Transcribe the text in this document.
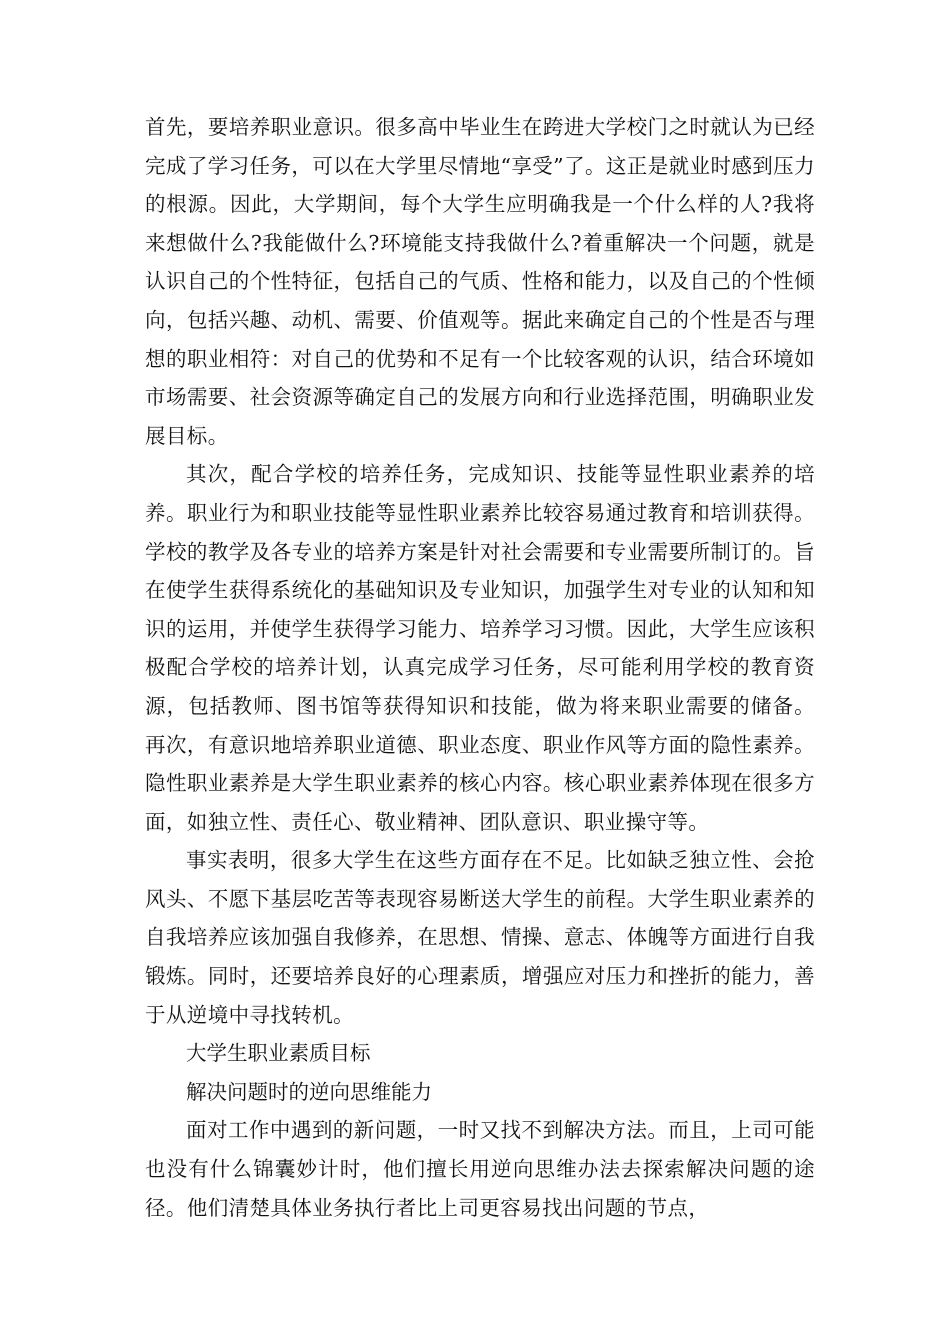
首先，要培养职业意识。很多高中毕业生在跨进大学校门之时就认为已经完成了学习任务，可以在大学里尽情地“享受”了。这正是就业时感到压力的根源。因此，大学期间，每个大学生应明确我是一个什么样的人?我将来想做什么?我能做什么?环境能支持我做什么?着重解决一个问题，就是认识自己的个性特征，包括自己的气质、性格和能力，以及自己的个性倾向，包括兴趣、动机、需要、价值观等。据此来确定自己的个性是否与理想的职业相符：对自己的优势和不足有一个比较客观的认识，结合环境如市场需要、社会资源等确定自己的发展方向和行业选择范围，明确职业发展目标。

其次，配合学校的培养任务，完成知识、技能等显性职业素养的培养。职业行为和职业技能等显性职业素养比较容易通过教育和培训获得。学校的教学及各专业的培养方案是针对社会需要和专业需要所制订的。旨在使学生获得系统化的基础知识及专业知识，加强学生对专业的认知和知识的运用，并使学生获得学习能力、培养学习习惯。因此，大学生应该积极配合学校的培养计划，认真完成学习任务，尽可能利用学校的教育资源，包括教师、图书馆等获得知识和技能，做为将来职业需要的储备。 再次，有意识地培养职业道德、职业态度、职业作风等方面的隐性素养。隐性职业素养是大学生职业素养的核心内容。核心职业素养体现在很多方面，如独立性、责任心、敬业精神、团队意识、职业操守等。

事实表明，很多大学生在这些方面存在不足。比如缺乏独立性、会抢风头、不愿下基层吃苦等表现容易断送大学生的前程。大学生职业素养的自我培养应该加强自我修养，在思想、情操、意志、体魄等方面进行自我锻炼。同时，还要培养良好的心理素质，增强应对压力和挫折的能力，善于从逆境中寻找转机。

大学生职业素质目标

解决问题时的逆向思维能力

面对工作中遇到的新问题，一时又找不到解决方法。而且，上司可能也没有什么锦囊妙计时，他们擅长用逆向思维办法去探索解决问题的途径。他们清楚具体业务执行者比上司更容易找出问题的节点，
